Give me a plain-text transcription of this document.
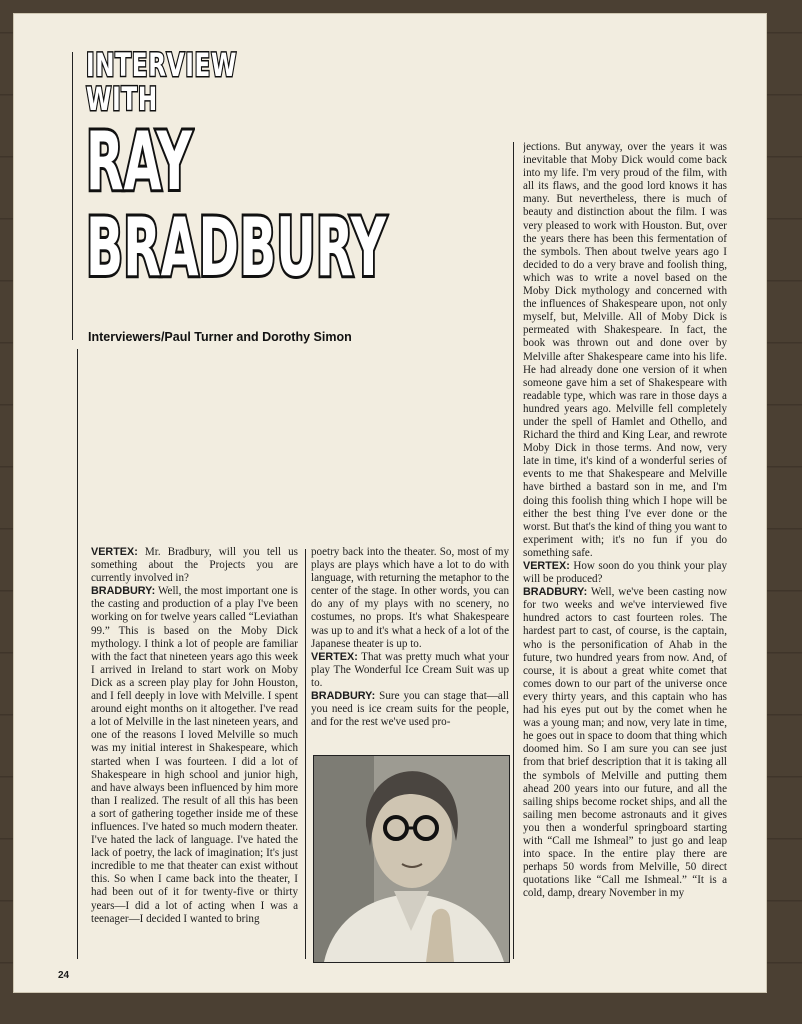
INTERVIEW
WITH
RAY
BRADBURY
Interviewers/Paul Turner and Dorothy Simon

VERTEX: Mr. Bradbury, will you tell us something about the Projects you are currently involved in?

BRADBURY: Well, the most important one is the casting and production of a play I've been working on for twelve years called “Leviathan 99.” This is based on the Moby Dick mythology. I think a lot of people are familiar with the fact that nineteen years ago this week I arrived in Ireland to start work on Moby Dick as a screen play play for John Houston, and I fell deeply in love with Melville. I spent around eight months on it altogether. I've read a lot of Melville in the last nineteen years, and one of the reasons I loved Melville so much was my initial interest in Shakespeare, which started when I was fourteen. I did a lot of Shakespeare in high school and junior high, and have always been influenced by him more than I realized. The result of all this has been a sort of gathering together inside me of these influences. I've hated so much modern theater. I've hated the lack of language. I've hated the lack of poetry, the lack of imagination; It's just incredible to me that theater can exist without this. So when I came back into the theater, I had been out of it for twenty-five or thirty years—I did a lot of acting when I was a teenager—I decided I wanted to bring

poetry back into the theater. So, most of my plays are plays which have a lot to do with language, with returning the metaphor to the center of the stage. In other words, you can do any of my plays with no scenery, no costumes, no props. It's what Shakespeare was up to and it's what a heck of a lot of the Japanese theater is up to.

VERTEX: That was pretty much what your play The Wonderful Ice Cream Suit was up to.

BRADBURY: Sure you can stage that—all you need is ice cream suits for the people, and for the rest we've used pro-

jections. But anyway, over the years it was inevitable that Moby Dick would come back into my life. I'm very proud of the film, with all its flaws, and the good lord knows it has many. But nevertheless, there is much of beauty and distinction about the film. I was very pleased to work with Houston. But, over the years there has been this fermentation of the symbols. Then about twelve years ago I decided to do a very brave and foolish thing, which was to write a novel based on the Moby Dick mythology and concerned with the influences of Shakespeare upon, not only myself, but, Melville. All of Moby Dick is permeated with Shakespeare. In fact, the book was thrown out and done over by Melville after Shakespeare came into his life. He had already done one version of it when someone gave him a set of Shakespeare with readable type, which was rare in those days a hundred years ago. Melville fell completely under the spell of Hamlet and Othello, and Richard the third and King Lear, and rewrote Moby Dick in those terms. And now, very late in time, it's kind of a wonderful series of events to me that Shakespeare and Melville have birthed a bastard son in me, and I'm doing this foolish thing which I hope will be either the best thing I've ever done or the worst. But that's the kind of thing you want to experiment with; it's no fun if you do something safe.

VERTEX: How soon do you think your play will be produced?

BRADBURY: Well, we've been casting now for two weeks and we've interviewed five hundred actors to cast fourteen roles. The hardest part to cast, of course, is the captain, who is the personification of Ahab in the future, two hundred years from now. And, of course, it is about a great white comet that comes down to our part of the universe once every thirty years, and this captain who has had his eyes put out by the comet when he was a young man; and now, very late in time, he goes out in space to doom that thing which doomed him. So I am sure you can see just from that brief description that it is taking all the symbols of Melville and putting them ahead 200 years into our future, and all the sailing ships become rocket ships, and all the sailing men become astronauts and it gives you then a wonderful springboard starting with “Call me Ishmeal” to just go and leap into space. In the entire play there are perhaps 50 words from Melville, 50 direct quotations like “Call me Ishmeal.” “It is a cold, damp, dreary November in my

24
